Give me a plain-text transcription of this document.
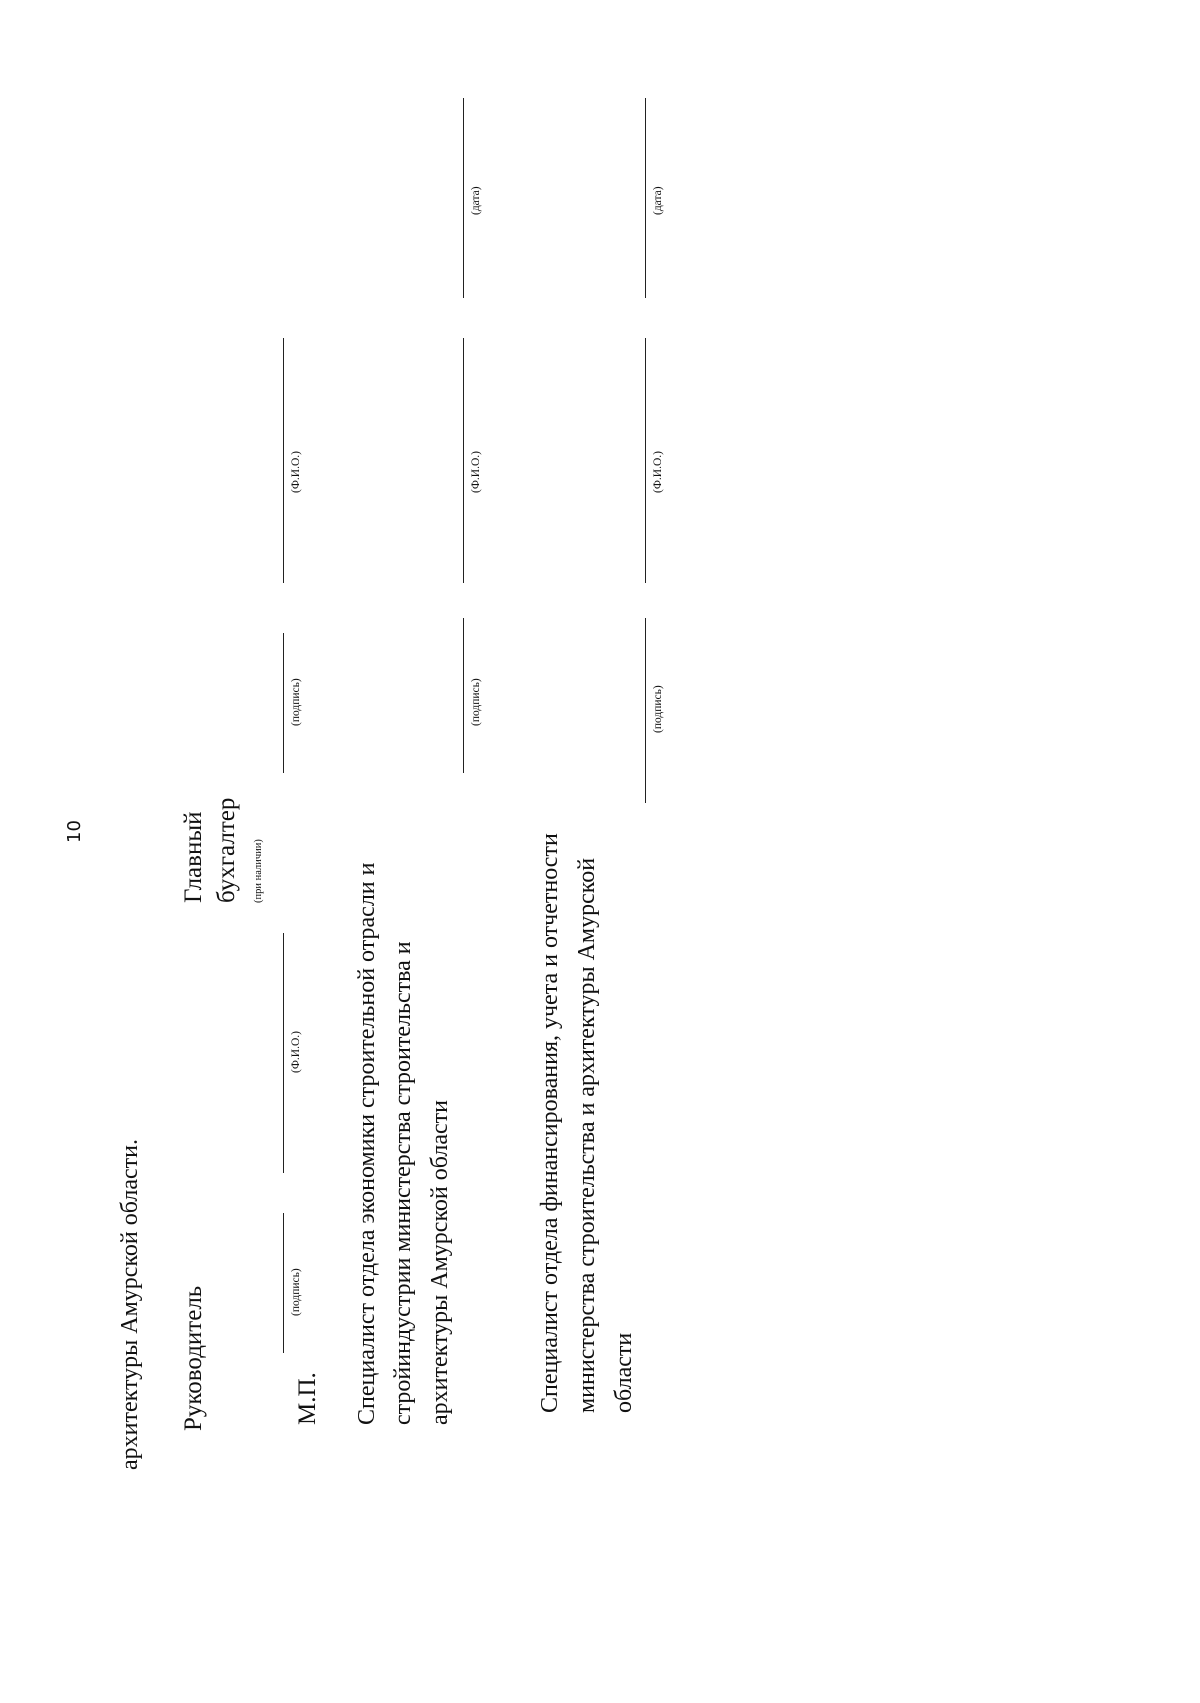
10
архитектуры Амурской области. Руководитель	(подпись)
(Ф.И.О.)
Главный бухгалтер (при наличии)
(подпись)
(Ф.И.О.)
М.П. Специалист отдела экономики строительной отрасли и стройиндустрии министерства строительства и архитектуры Амурской области
(подпись)
(Ф.И.О.)
(дата)
Специалист отдела финансирования, учета и отчетности министерства строительства и архитектуры Амурской области
(подпись)
(Ф.И.О.)
(дата)
